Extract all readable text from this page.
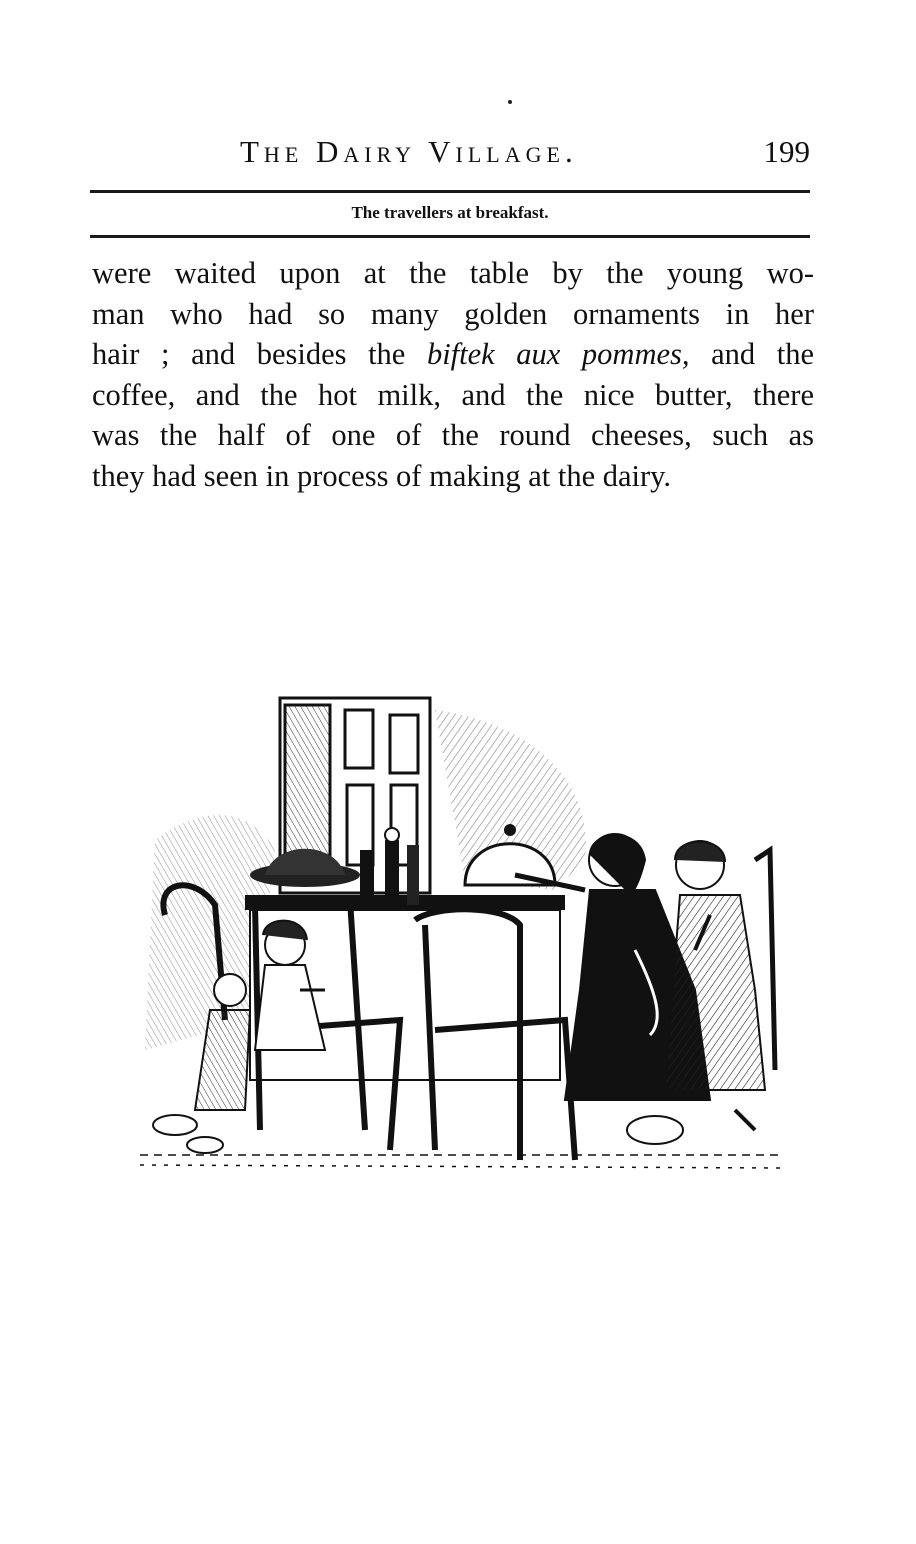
The Dairy Village.	199
The travellers at breakfast.

were waited upon at the table by the young wo-
man who had so many golden ornaments in her
hair ; and besides the biftek aux pommes, and the
coffee, and the hot milk, and the nice butter, there
was the half of one of the round cheeses, such as
they had seen in process of making at the dairy.
